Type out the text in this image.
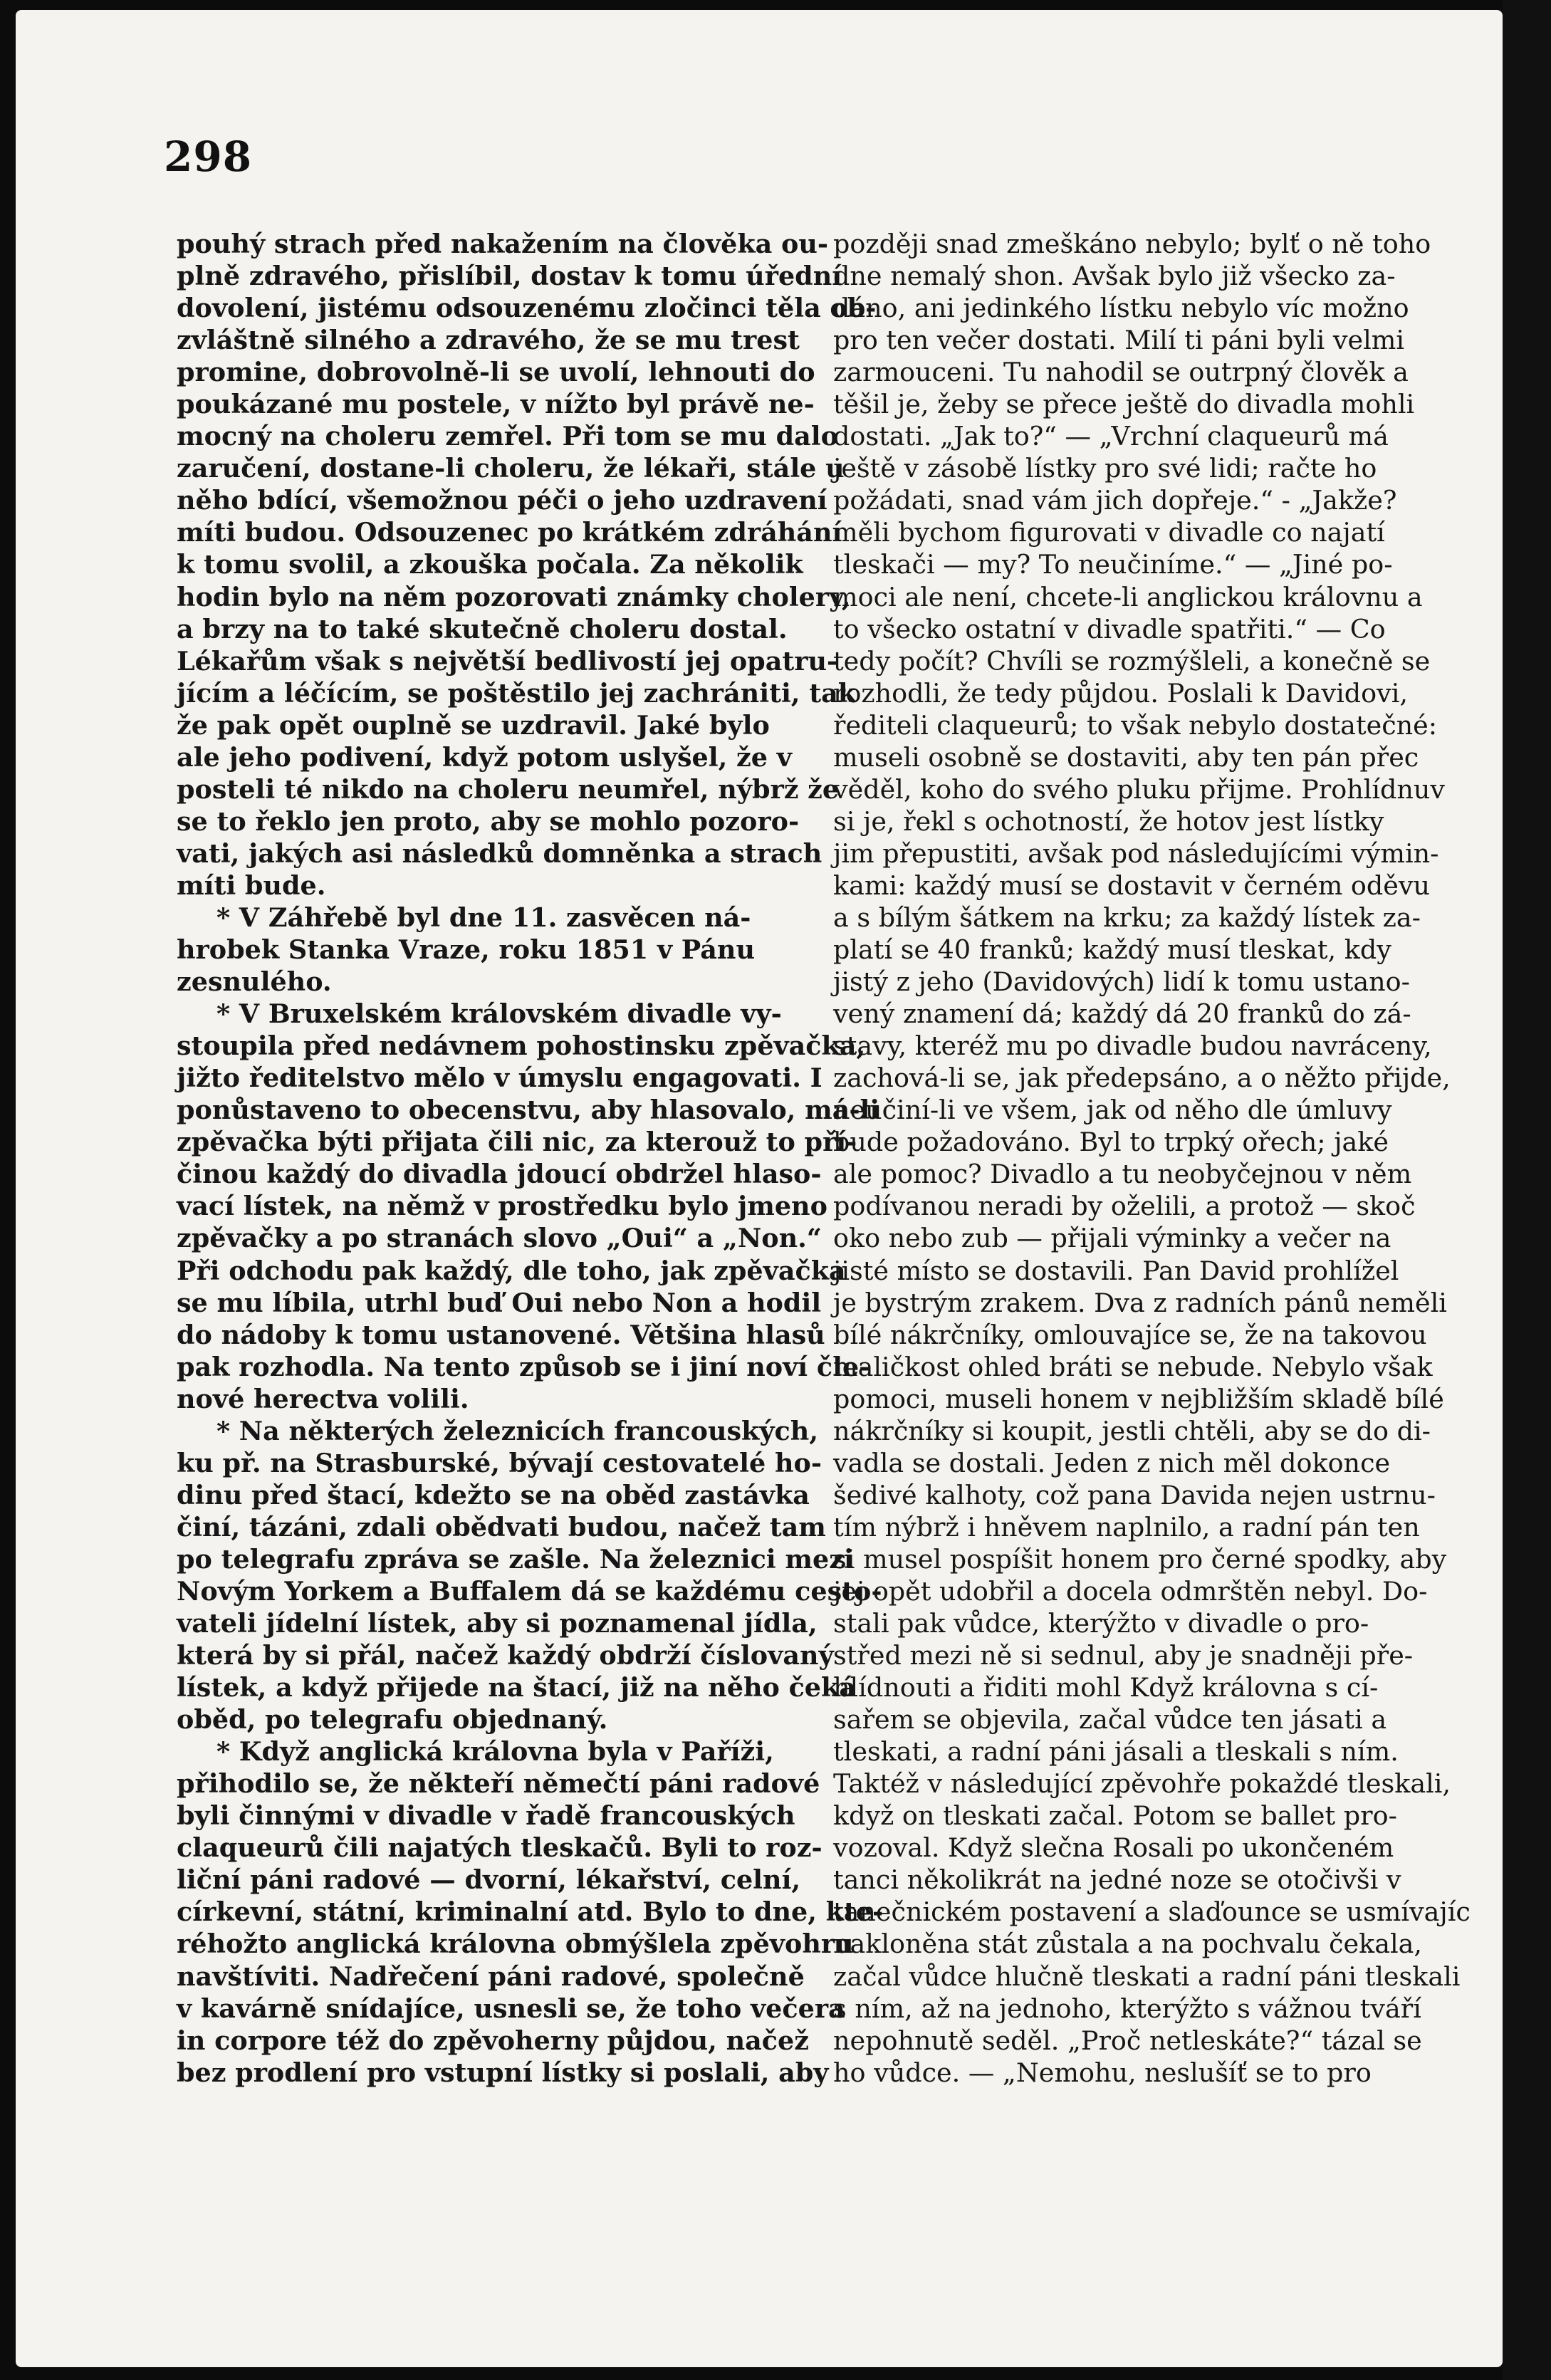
298
pouhý strach před nakažením na člověka ou-
plně zdravého, přislíbil, dostav k tomu úřední
dovolení, jistému odsouzenému zločinci těla ob-
zvláštně silného a zdravého, že se mu trest
promine, dobrovolně-li se uvolí, lehnouti do
poukázané mu postele, v nížto byl právě ne-
mocný na choleru zemřel. Při tom se mu dalo
zaručení, dostane-li choleru, že lékaři, stále u
něho bdící, všemožnou péči o jeho uzdravení
míti budou. Odsouzenec po krátkém zdráhání
k tomu svolil, a zkouška počala. Za několik
hodin bylo na něm pozorovati známky cholery,
a brzy na to také skutečně choleru dostal.
Lékařům však s největší bedlivostí jej opatru-
jícím a léčícím, se poštěstilo jej zachrániti, tak
že pak opět ouplně se uzdravil. Jaké bylo
ale jeho podivení, když potom uslyšel, že v
posteli té nikdo na choleru neumřel, nýbrž že
se to řeklo jen proto, aby se mohlo pozoro-
vati, jakých asi následků domněnka a strach
míti bude.
* V Záhřebě byl dne 11. zasvěcen ná-
hrobek Stanka Vraze, roku 1851 v Pánu
zesnulého.
* V Bruxelském královském divadle vy-
stoupila před nedávnem pohostinsku zpěvačka,
jižto ředitelstvo mělo v úmyslu engagovati. I
ponůstaveno to obecenstvu, aby hlasovalo, má-li
zpěvačka býti přijata čili nic, za kterouž to pří-
činou každý do divadla jdoucí obdržel hlaso-
vací lístek, na němž v prostředku bylo jmeno
zpěvačky a po stranách slovo „Oui“ a „Non.“
Při odchodu pak každý, dle toho, jak zpěvačka
se mu líbila, utrhl buď Oui nebo Non a hodil
do nádoby k tomu ustanovené. Většina hlasů
pak rozhodla. Na tento způsob se i jiní noví čle-
nové herectva volili.
* Na některých železnicích francouských,
ku př. na Strasburské, bývají cestovatelé ho-
dinu před štací, kdežto se na oběd zastávka
činí, tázáni, zdali obědvati budou, načež tam
po telegrafu zpráva se zašle. Na železnici mezi
Novým Yorkem a Buffalem dá se každému cesto-
vateli jídelní lístek, aby si poznamenal jídla,
která by si přál, načež každý obdrží číslovaný
lístek, a když přijede na štací, již na něho čeká
oběd, po telegrafu objednaný.
* Když anglická královna byla v Paříži,
přihodilo se, že někteří němečtí páni radové
byli činnými v divadle v řadě francouských
claqueurů čili najatých tleskačů. Byli to roz-
liční páni radové — dvorní, lékařství, celní,
církevní, státní, kriminalní atd. Bylo to dne, kte-
réhožto anglická královna obmýšlela zpěvohru
navštíviti. Nadřečení páni radové, společně
v kavárně snídajíce, usnesli se, že toho večera
in corpore též do zpěvoherny půjdou, načež
bez prodlení pro vstupní lístky si poslali, aby
později snad zmeškáno nebylo; bylť o ně toho
dne nemalý shon. Avšak bylo již všecko za-
dáno, ani jedinkého lístku nebylo víc možno
pro ten večer dostati. Milí ti páni byli velmi
zarmouceni. Tu nahodil se outrpný člověk a
těšil je, žeby se přece ještě do divadla mohli
dostati. „Jak to?“ — „Vrchní claqueurů má
ještě v zásobě lístky pro své lidi; račte ho
požádati, snad vám jich dopřeje.“ - „Jakže?
měli bychom figurovati v divadle co najatí
tleskači — my? To neučiníme.“ — „Jiné po-
moci ale není, chcete-li anglickou královnu a
to všecko ostatní v divadle spatřiti.“ — Co
tedy počít? Chvíli se rozmýšleli, a konečně se
rozhodli, že tedy půjdou. Poslali k Davidovi,
řediteli claqueurů; to však nebylo dostatečné:
museli osobně se dostaviti, aby ten pán přec
věděl, koho do svého pluku přijme. Prohlídnuv
si je, řekl s ochotností, že hotov jest lístky
jim přepustiti, avšak pod následujícími výmin-
kami: každý musí se dostavit v černém oděvu
a s bílým šátkem na krku; za každý lístek za-
platí se 40 franků; každý musí tleskat, kdy
jistý z jeho (Davidových) lidí k tomu ustano-
vený znamení dá; každý dá 20 franků do zá-
stavy, kteréž mu po divadle budou navráceny,
zachová-li se, jak předepsáno, a o něžto přijde,
neučiní-li ve všem, jak od něho dle úmluvy
bude požadováno. Byl to trpký ořech; jaké
ale pomoc? Divadlo a tu neobyčejnou v něm
podívanou neradi by oželili, a protož — skoč
oko nebo zub — přijali výminky a večer na
jisté místo se dostavili. Pan David prohlížel
je bystrým zrakem. Dva z radních pánů neměli
bílé nákrčníky, omlouvajíce se, že na takovou
maličkost ohled bráti se nebude. Nebylo však
pomoci, museli honem v nejbližším skladě bílé
nákrčníky si koupit, jestli chtěli, aby se do di-
vadla se dostali. Jeden z nich měl dokonce
šedivé kalhoty, což pana Davida nejen ustrnu-
tím nýbrž i hněvem naplnilo, a radní pán ten
si musel pospíšit honem pro černé spodky, aby
jej opět udobřil a docela odmrštěn nebyl. Do-
stali pak vůdce, kterýžto v divadle o pro-
střed mezi ně si sednul, aby je snadněji pře-
hlídnouti a řiditi mohl Když královna s cí-
sařem se objevila, začal vůdce ten jásati a
tleskati, a radní páni jásali a tleskali s ním.
Taktéž v následující zpěvohře pokaždé tleskali,
když on tleskati začal. Potom se ballet pro-
vozoval. Když slečna Rosali po ukončeném
tanci několikrát na jedné noze se otočivši v
tanečnickém postavení a slaďounce se usmívajíc
nakloněna stát zůstala a na pochvalu čekala,
začal vůdce hlučně tleskati a radní páni tleskali
s ním, až na jednoho, kterýžto s vážnou tváří
nepohnutě seděl. „Proč netleskáte?“ tázal se
ho vůdce. — „Nemohu, neslušíť se to pro
